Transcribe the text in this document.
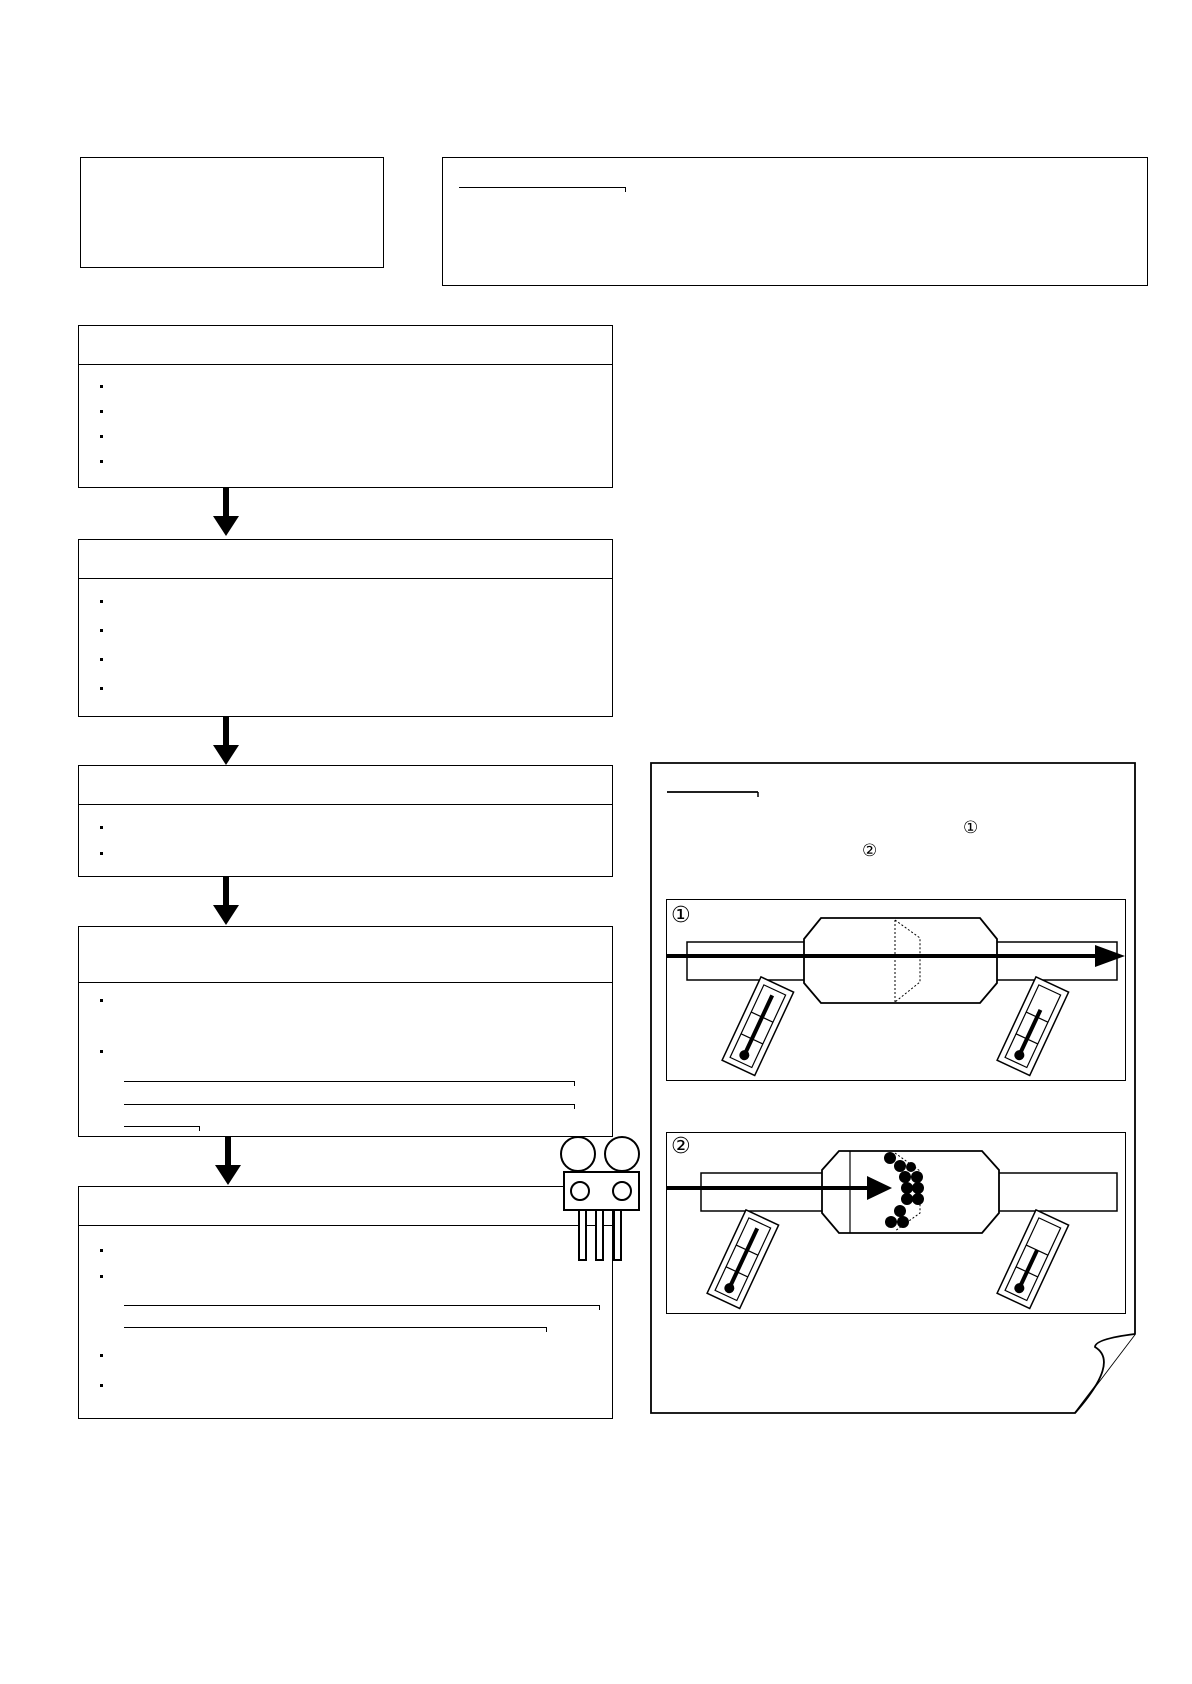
①
②
①
②
